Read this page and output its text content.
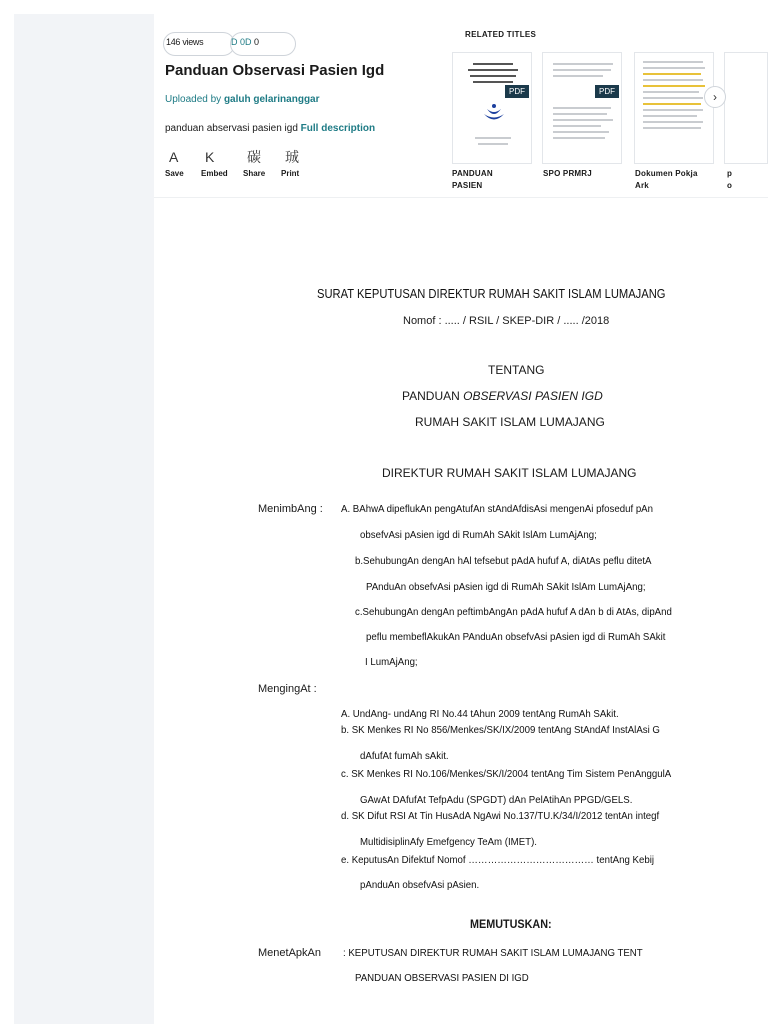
146 views	D 0D 0
Panduan Observasi Pasien Igd
Uploaded by galuh gelarinanggar
panduan abservasi pasien igd Full description
Α
Save
Κ
Embed
碳
Share
珹
Print
RELATED TITLES
PDF
PANDUAN
PASIEN
PDF
SPO PRMRJ	Dokumen Pokja
Ark
p
o
›
SURAT KEPUTUSAN DIREKTUR RUMAH SAKIT ISLAM LUMAJANG
Nomof : ..... / RSIL / SKEP-DIR / ..... /2018
TENTANG
PANDUAN OBSERVASI PASIEN IGD
RUMAH SAKIT ISLAM LUMAJANG
DIREKTUR RUMAH SAKIT ISLAM LUMAJANG
MenimbAng : A. BAhwA dipeflukAn pengAtufAn stAndAfdisAsi mengenAi pfoseduf pAn
obsefvAsi pAsien igd di RumAh SAkit IslAm LumAjAng;
b.SehubungAn dengAn hAl tefsebut pAdA hufuf A, diAtAs peflu ditetA
PAnduAn obsefvAsi pAsien igd di RumAh SAkit IslAm LumAjAng;
c.SehubungAn dengAn peftimbAngAn pAdA hufuf A dAn b di AtAs, dipAnd
peflu membeflAkukAn PAnduAn obsefvAsi pAsien igd di RumAh SAkit
I LumAjAng;
MengingAt :
A. UndAng- undAng RI No.44 tAhun 2009 tentAng RumAh SAkit.
b. SK Menkes RI No 856/Menkes/SK/IX/2009 tentAng StAndAf InstAlAsi G
dAfufAt fumAh sAkit.
c. SK Menkes RI No.106/Menkes/SK/I/2004 tentAng Tim Sistem PenAnggulA
GAwAt DAfufAt TefpAdu (SPGDT) dAn PelAtihAn PPGD/GELS.
d. SK Difut RSI At Tin HusAdA NgAwi No.137/TU.K/34/I/2012 tentAn integf
MultidisiplinAfy Emefgency TeAm (IMET).
e. KeputusAn Difektuf Nomof ………………………………… tentAng Kebij
pAnduAn obsefvAsi pAsien.
MEMUTUSKAN:
MenetApkAn : KEPUTUSAN DIREKTUR RUMAH SAKIT ISLAM LUMAJANG TENT
PANDUAN OBSERVASI PASIEN DI IGD
